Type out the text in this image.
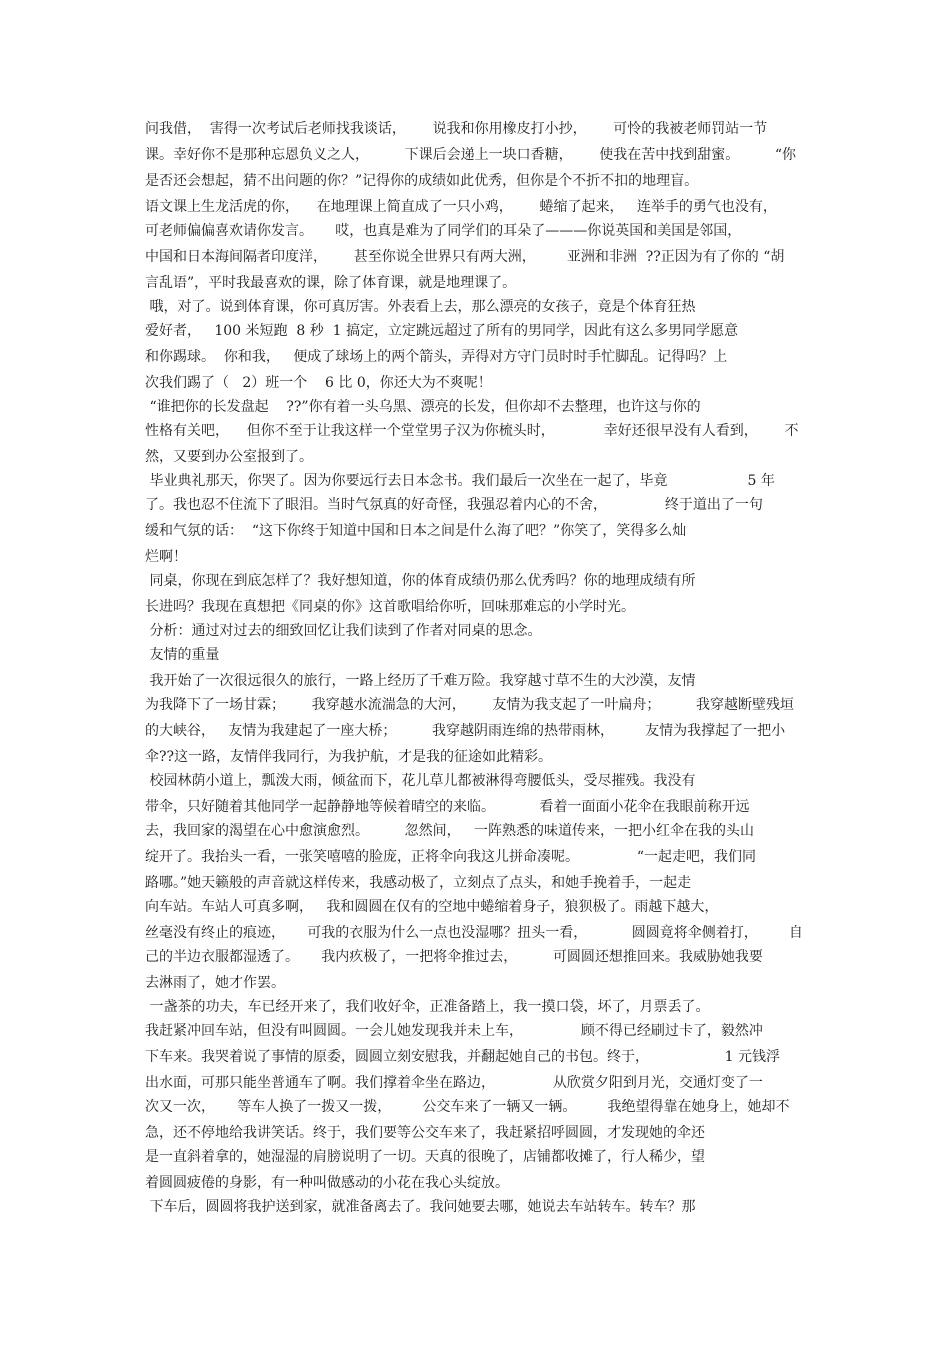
问我借，  害得一次考试后老师找我谈话，      说我和你用橡皮打小抄，      可怜的我被老师罚站一节
课。幸好你不是那种忘恩负义之人，        下课后会递上一块口香糖，      使我在苦中找到甜蜜。        “你
是否还会想起，猜不出问题的你？”记得你的成绩如此优秀，但你是个不折不扣的地理盲。
语文课上生龙活虎的你，    在地理课上简直成了一只小鸡，      蜷缩了起来，   连举手的勇气也没有，
可老师偏偏喜欢请你发言。     哎，也真是难为了同学们的耳朵了———你说英国和美国是邻国，
中国和日本海间隔者印度洋，      甚至你说全世界只有两大洲，       亚洲和非洲  ??正因为有了你的 “胡
言乱语”，平时我最喜欢的课，除了体育课，就是地理课了。
哦，对了。说到体育课，你可真厉害。外表看上去，那么漂亮的女孩子，竟是个体育狂热
爱好者，   100 米短跑  8 秒  1 搞定，立定跳远超过了所有的男同学，因此有这么多男同学愿意
和你踢球。  你和我，   便成了球场上的两个箭头，弄得对方守门员时时手忙脚乱。记得吗？上
次我们踢了（   2）班一个    6 比 0，你还大为不爽呢！
“谁把你的长发盘起    ??”你有着一头乌黑、漂亮的长发，但你却不去整理，也许这与你的
性格有关吧，    但你不至于让我这样一个堂堂男子汉为你梳头时，           幸好还很早没有人看到，      不
然，又要到办公室报到了。
毕业典礼那天，你哭了。因为你要远行去日本念书。我们最后一次坐在一起了，毕竟                  5 年
了。我也忍不住流下了眼泪。当时气氛真的好奇怪，我强忍着内心的不舍，             终于道出了一句
缓和气氛的话：  “这下你终于知道中国和日本之间是什么海了吧？”你笑了，笑得多么灿
烂啊！
同桌，你现在到底怎样了？我好想知道，你的体育成绩仍那么优秀吗？你的地理成绩有所
长进吗？我现在真想把《同桌的你》这首歌唱给你听，回味那难忘的小学时光。
分析：通过对过去的细致回忆让我们读到了作者对同桌的思念。
友情的重量
我开始了一次很远很久的旅行，一路上经历了千难万险。我穿越寸草不生的大沙漠，友情
为我降下了一场甘霖；      我穿越水流湍急的大河，      友情为我支起了一叶扁舟；        我穿越断壁残垣
的大峡谷，   友情为我建起了一座大桥；        我穿越阴雨连绵的热带雨林，       友情为我撑起了一把小
伞??这一路，友情伴我同行，为我护航，才是我的征途如此精彩。
校园林荫小道上，瓢泼大雨，倾盆而下，花儿草儿都被淋得弯腰低头，受尽摧残。我没有
带伞，只好随着其他同学一起静静地等候着晴空的来临。          看着一面面小花伞在我眼前称开远
去，我回家的渴望在心中愈演愈烈。        忽然间，   一阵熟悉的味道传来，一把小红伞在我的头山
绽开了。我抬头一看，一张笑嘻嘻的脸庞，正将伞向我这儿拼命凑呢。             “一起走吧，我们同
路哪。”她天籁般的声音就这样传来，我感动极了，立刻点了点头，和她手挽着手，一起走
向车站。车站人可真多啊，   我和圆圆在仅有的空地中蜷缩着身子，狼狈极了。雨越下越大，
丝毫没有终止的痕迹，     可我的衣服为什么一点也没湿哪？扭头一看，          圆圆竟将伞侧着打，       自
己的半边衣服都湿透了。     我内疚极了，一把将伞推过去，        可圆圆还想推回来。我威胁她我要
去淋雨了，她才作罢。
一盏茶的功夫，车已经开来了，我们收好伞，正准备踏上，我一摸口袋，坏了，月票丢了。
我赶紧冲回车站，但没有叫圆圆。一会儿她发现我并未上车，             顾不得已经刷过卡了，毅然冲
下车来。我哭着说了事情的原委，圆圆立刻安慰我，并翻起她自己的书包。终于，                 1 元钱浮
出水面，可那只能坐普通车了啊。我们撑着伞坐在路边，             从欣赏夕阳到月光，交通灯变了一
次又一次，     等车人换了一拨又一拨，       公交车来了一辆又一辆。       我绝望得靠在她身上，她却不
急，还不停地给我讲笑话。终于，我们要等公交车来了，我赶紧招呼圆圆，才发现她的伞还
是一直斜着拿的，她湿湿的肩膀说明了一切。天真的很晚了，店铺都收摊了，行人稀少，望
着圆圆疲倦的身影，有一种叫做感动的小花在我心头绽放。
下车后，圆圆将我护送到家，就准备离去了。我问她要去哪，她说去车站转车。转车？那
